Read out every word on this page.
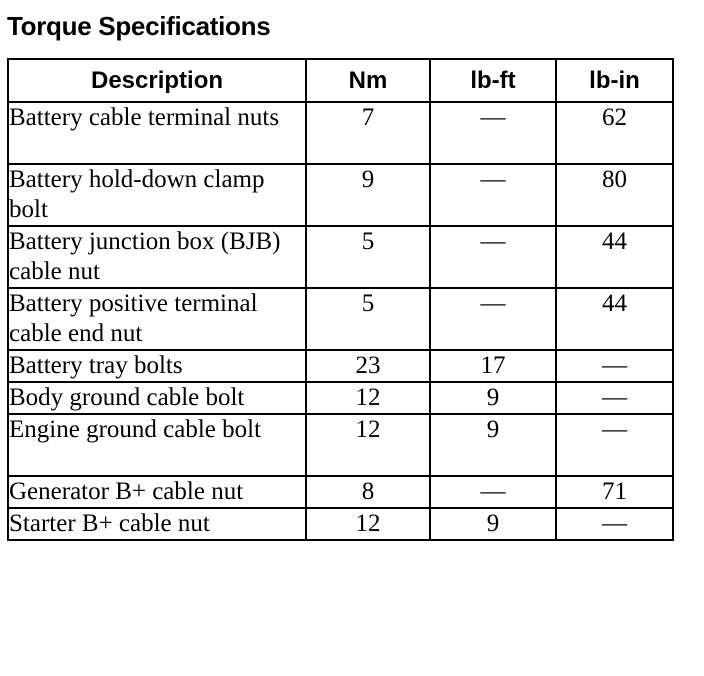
Torque Specifications
Description	Nm	lb-ft	lb-in
Battery cable terminal nuts	7	—	62
Battery hold-down clamp bolt	9	—	80
Battery junction box (BJB) cable nut	5	—	44
Battery positive terminal cable end nut	5	—	44
Battery tray bolts	23	17	—
Body ground cable bolt	12	9	—
Engine ground cable bolt	12	9	—
Generator B+ cable nut	8	—	71
Starter B+ cable nut	12	9	—
